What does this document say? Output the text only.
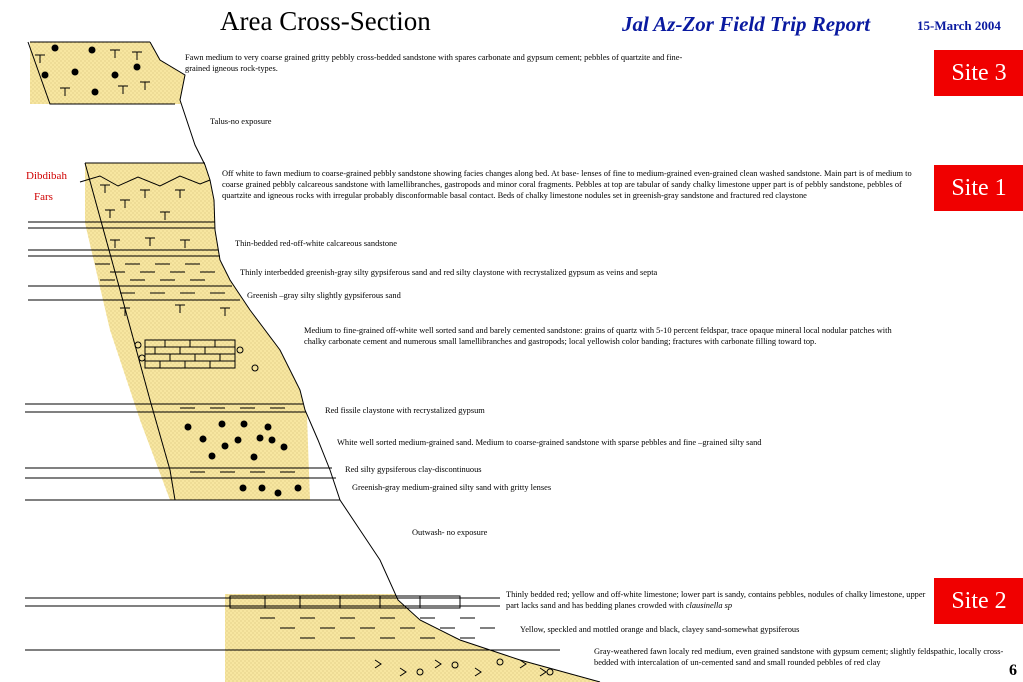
Area Cross-Section	Jal Az-Zor Field Trip Report	15-March 2004
Site 3
Site 1
Site 2
Dibdibah
Fars
Fawn medium to very coarse grained gritty pebbly cross-bedded sandstone with spares carbonate and gypsum cement; pebbles of quartzite and fine-grained igneous rock-types.
Talus-no exposure
Off white to fawn medium to coarse-grained pebbly sandstone showing facies changes along bed. At base- lenses of fine to medium-grained even-grained clean washed sandstone. Main part is of medium to coarse grained pebbly calcareous sandstone with lamellibranches, gastropods and minor coral fragments. Pebbles at top are tabular of sandy chalky limestone upper part is of pebbly sandstone, pebbles of quartzite and igneous rocks with irregular probably disconformable basal contact. Beds of chalky limestone nodules set in greenish-gray sandstone and fractured red claystone
Thin-bedded red-off-white calcareous sandstone
Thinly interbedded greenish-gray silty gypsiferous sand and red silty claystone with recrystalized gypsum as veins and septa
Greenish –gray silty slightly gypsiferous sand
Medium to fine-grained off-white well sorted sand and barely cemented sandstone: grains of quartz with 5-10 percent feldspar, trace opaque mineral local nodular patches with chalky carbonate cement and numerous small lamellibranches and gastropods; local yellowish color banding; fractures with carbonate filling toward top.
Red fissile claystone with recrystalized gypsum
White well sorted medium-grained sand. Medium to coarse-grained sandstone with sparse pebbles and fine –grained silty sand
Red silty gypsiferous clay-discontinuous
Greenish-gray medium-grained silty sand with gritty lenses
Outwash- no exposure
Thinly bedded red; yellow and off-white limestone; lower part is sandy, contains pebbles, nodules of chalky limestone, upper part lacks sand and has bedding planes crowded with clausinella sp
Yellow, speckled and mottled orange and black, clayey sand-somewhat gypsiferous
Gray-weathered fawn localy red medium, even grained sandstone with gypsum cement; slightly feldspathic, locally cross-bedded with intercalation of un-cemented sand and small rounded pebbles of red clay	6
